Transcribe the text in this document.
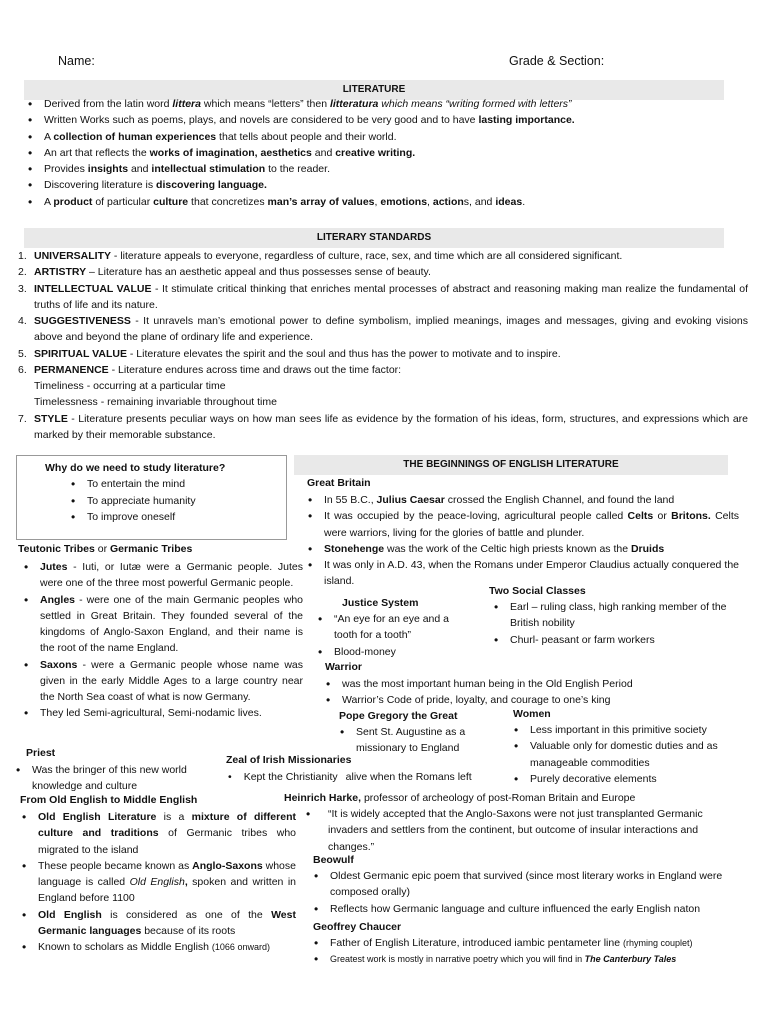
Name:	Grade & Section:
LITERATURE
• Derived from the latin word littera which means “letters” then litteratura which means “writing formed with letters”
• Written Works such as poems, plays, and novels are considered to be very good and to have lasting importance.
• A collection of human experiences that tells about people and their world.
• An art that reflects the works of imagination, aesthetics and creative writing.
• Provides insights and intellectual stimulation to the reader.
• Discovering literature is discovering language.
• A product of particular culture that concretizes man’s array of values, emotions, actions, and ideas.
LITERARY STANDARDS
1. UNIVERSALITY - literature appeals to everyone, regardless of culture, race, sex, and time which are all considered significant.
2. ARTISTRY – Literature has an aesthetic appeal and thus possesses sense of beauty.
3. INTELLECTUAL VALUE - It stimulate critical thinking that enriches mental processes of abstract and reasoning making man realize the fundamental of truths of life and its nature.
4. SUGGESTIVENESS - It unravels man’s emotional power to define symbolism, implied meanings, images and messages, giving and evoking visions above and beyond the plane of ordinary life and experience.
5. SPIRITUAL VALUE - Literature elevates the spirit and the soul and thus has the power to motivate and to inspire.
6. PERMANENCE - Literature endures across time and draws out the time factor:
Timeliness - occurring at a particular time
Timelessness - remaining invariable throughout time
7. STYLE - Literature presents peculiar ways on how man sees life as evidence by the formation of his ideas, form, structures, and expressions which are marked by their memorable substance.
Why do we need to study literature?
• To entertain the mind
• To appreciate humanity
• To improve oneself
Teutonic Tribes or Germanic Tribes
• Jutes - Iuti, or Iutæ were a Germanic people. Jutes were one of the three most powerful Germanic people.
• Angles - were one of the main Germanic peoples who settled in Great Britain. They founded several of the kingdoms of Anglo-Saxon England, and their name is the root of the name England.
• Saxons - were a Germanic people whose name was given in the early Middle Ages to a large country near the North Sea coast of what is now Germany.
• They led Semi-agricultural, Semi-nodamic lives.
Priest
• Was the bringer of this new world knowledge and culture
Zeal of Irish Missionaries
• Kept the Christianity alive when the Romans left
From Old English to Middle English
• Old English Literature is a mixture of different culture and traditions of Germanic tribes who migrated to the island
• These people became known as Anglo-Saxons whose language is called Old English, spoken and written in England before 1100
• Old English is considered as one of the West Germanic languages because of its roots
• Known to scholars as Middle English (1066 onward)
THE BEGINNINGS OF ENGLISH LITERATURE
Great Britain
• In 55 B.C., Julius Caesar crossed the English Channel, and found the land
• It was occupied by the peace-loving, agricultural people called Celts or Britons. Celts were warriors, living for the glories of battle and plunder.
• Stonehenge was the work of the Celtic high priests known as the Druids
• It was only in A.D. 43, when the Romans under Emperor Claudius actually conquered the island.
Justice System
• “An eye for an eye and a tooth for a tooth”
• Blood-money
Two Social Classes
• Earl – ruling class, high ranking member of the British nobility
• Churl- peasant or farm workers
Warrior
• was the most important human being in the Old English Period
• Warrior’s Code of pride, loyalty, and courage to one’s king
Pope Gregory the Great
• Sent St. Augustine as a missionary to England
Women
• Less important in this primitive society
• Valuable only for domestic duties and as manageable commodities
• Purely decorative elements
Heinrich Harke, professor of archeology of post-Roman Britain and Europe
• “It is widely accepted that the Anglo-Saxons were not just transplanted Germanic invaders and settlers from the continent, but outcome of insular interactions and changes.”
Beowulf
• Oldest Germanic epic poem that survived (since most literary works in England were composed orally)
• Reflects how Germanic language and culture influenced the early English naton
Geoffrey Chaucer
• Father of English Literature, introduced iambic pentameter line (rhyming couplet)
• Greatest work is mostly in narrative poetry which you will find in The Canterbury Tales
